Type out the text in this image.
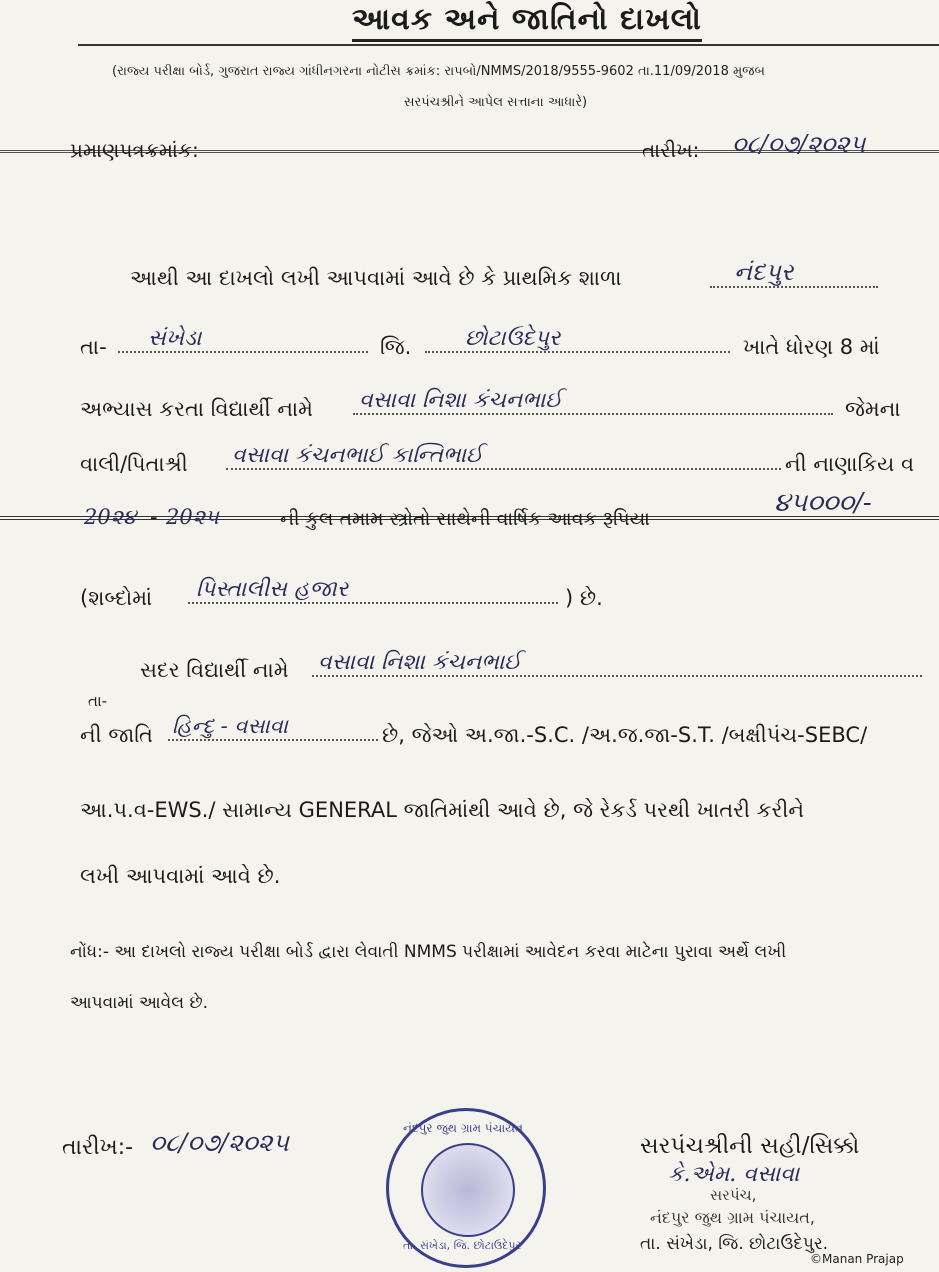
આવક અને જાતિનો દાખલો
(રાજ્ય પરીક્ષા બોર્ડ, ગુજરાત રાજ્ય ગાંધીનગરના નોટીસ ક્રમાંક: રાપબો/NMMS/2018/9555-9602 તા.11/09/2018 મુજબ
સરપંચશ્રીને આપેલ સત્તાના આધારે)
પ્રમાણપત્રક્રમાંક:	તારીખ: ૦૮/૦૭/૨૦૨૫
આથી આ દાખલો લખી આપવામાં આવે છે કે પ્રાથમિક શાળા	નંદપુર
તા-	સંખેડા	જિ.	છોટાઉદેપુર	ખાતે ધોરણ 8 માં
અભ્યાસ કરતા વિદ્યાર્થી નામે વસાવા નિશા કંચનભાઈ	જેમના
વાલી/પિતાશ્રી વસાવા કંચનભાઈ કાન્તિભાઈ	ની નાણાકિય વ
20૨૪ - 20૨૫	ની કુલ તમામ સ્ત્રોતો સાથેની વાર્ષિક આવક રૂપિયા
૪૫૦૦૦/-
(શબ્દોમાં	પિસ્તાલીસ હજાર	) છે.
સદર વિદ્યાર્થી નામે વસાવા નિશા કંચનભાઈ
તા-
ની જાતિ હિન્દુ - વસાવા	છે, જેઓ અ.જા.-S.C. /અ.જ.જા-S.T. /બક્ષીપંચ-SEBC/
આ.પ.વ-EWS./ સામાન્ય GENERAL જાતિમાંથી આવે છે, જે રેકર્ડ પરથી ખાતરી કરીને
લખી આપવામાં આવે છે.
નોંધ:- આ દાખલો રાજ્ય પરીક્ષા બોર્ડ દ્વારા લેવાતી NMMS પરીક્ષામાં આવેદન કરવા માટેના પુરાવા અર્થે લખી
આપવામાં આવેલ છે.
તારીખ:- ૦૮/૦૭/૨૦૨૫	નંદપુર જુથ ગ્રામ પંચાયત
તા. સંખેડા, જિ. છોટાઉદેપુર
સરપંચશ્રીની સહી/સિક્કો
કે.એમ. વસાવા
સરપંચ,
નંદપુર જુથ ગ્રામ પંચાયત,
તા. સંખેડા, જિ. છોટાઉદેપુર.
©Manan Prajap
